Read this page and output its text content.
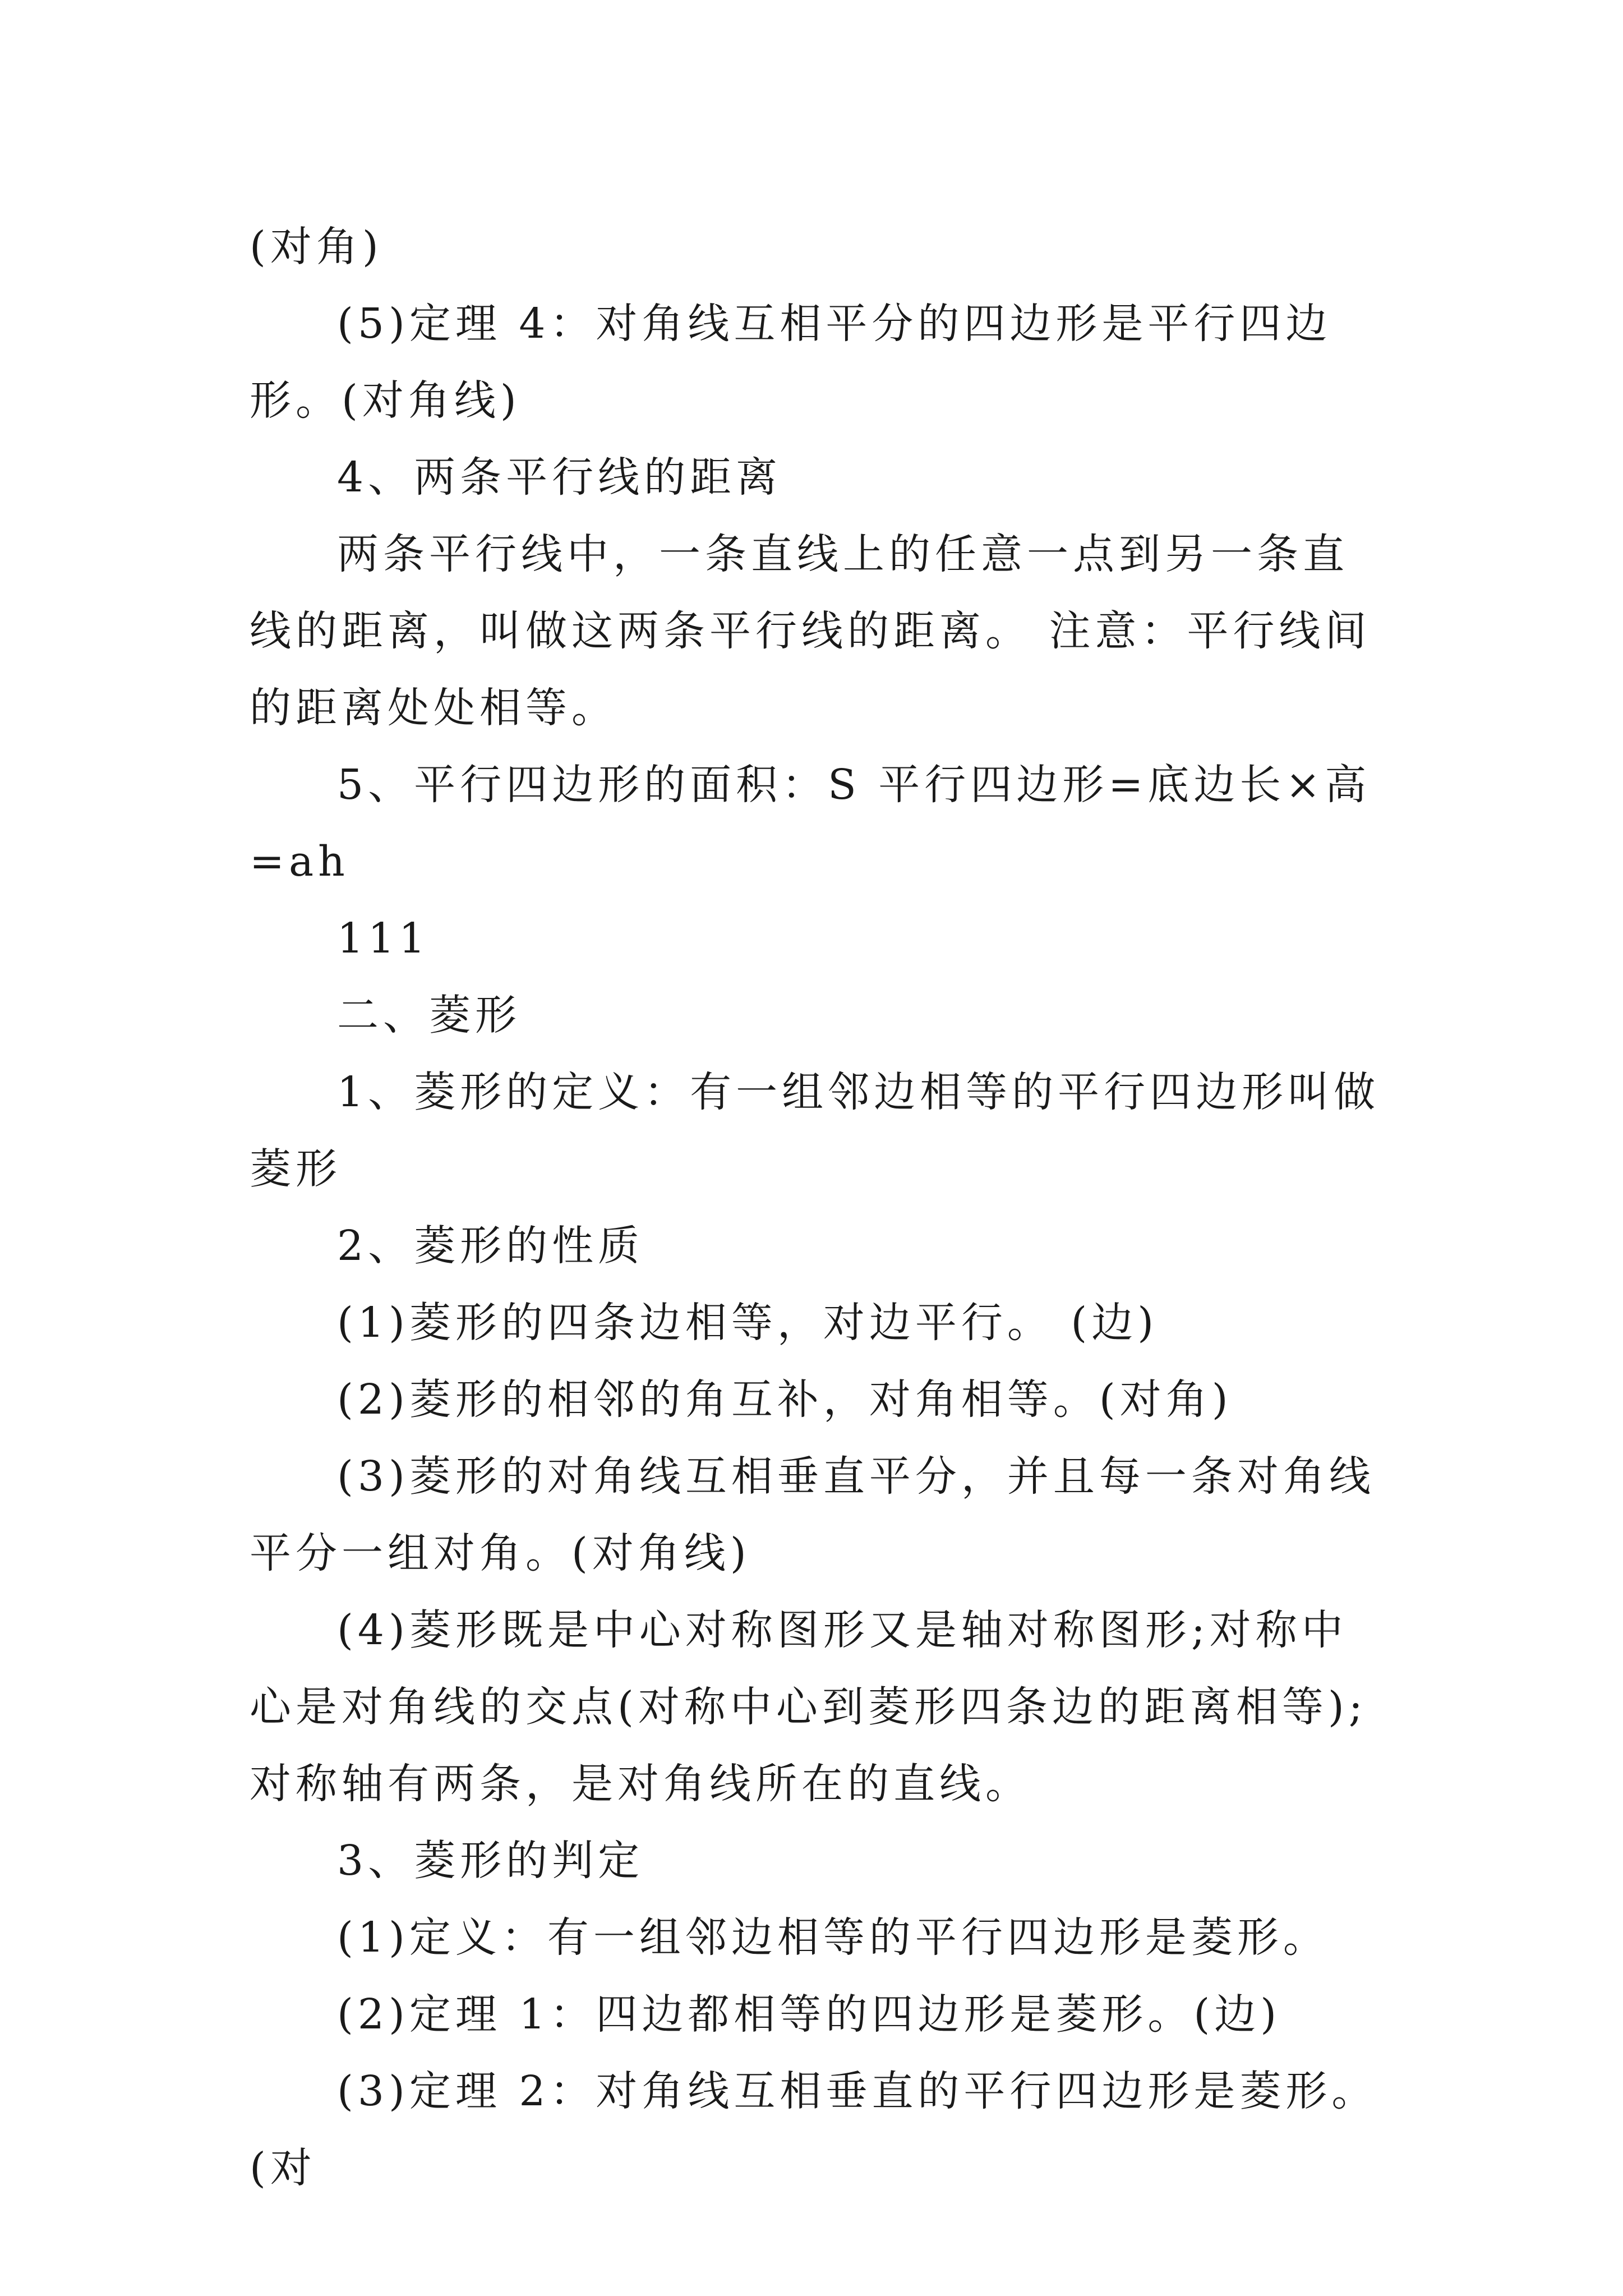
(对角)

(5)定理 4：对角线互相平分的四边形是平行四边形。(对角线)

4、两条平行线的距离

两条平行线中，一条直线上的任意一点到另一条直线的距离，叫做这两条平行线的距离。 注意：平行线间的距离处处相等。

5、平行四边形的面积：S 平行四边形=底边长×高=ah

111

二、菱形

1、菱形的定义：有一组邻边相等的平行四边形叫做菱形

2、菱形的性质

(1)菱形的四条边相等，对边平行。 (边)

(2)菱形的相邻的角互补，对角相等。(对角)

(3)菱形的对角线互相垂直平分，并且每一条对角线平分一组对角。(对角线)

(4)菱形既是中心对称图形又是轴对称图形;对称中心是对角线的交点(对称中心到菱形四条边的距离相等);对称轴有两条，是对角线所在的直线。

3、菱形的判定

(1)定义：有一组邻边相等的平行四边形是菱形。

(2)定理 1：四边都相等的四边形是菱形。(边)

(3)定理 2：对角线互相垂直的平行四边形是菱形。(对
